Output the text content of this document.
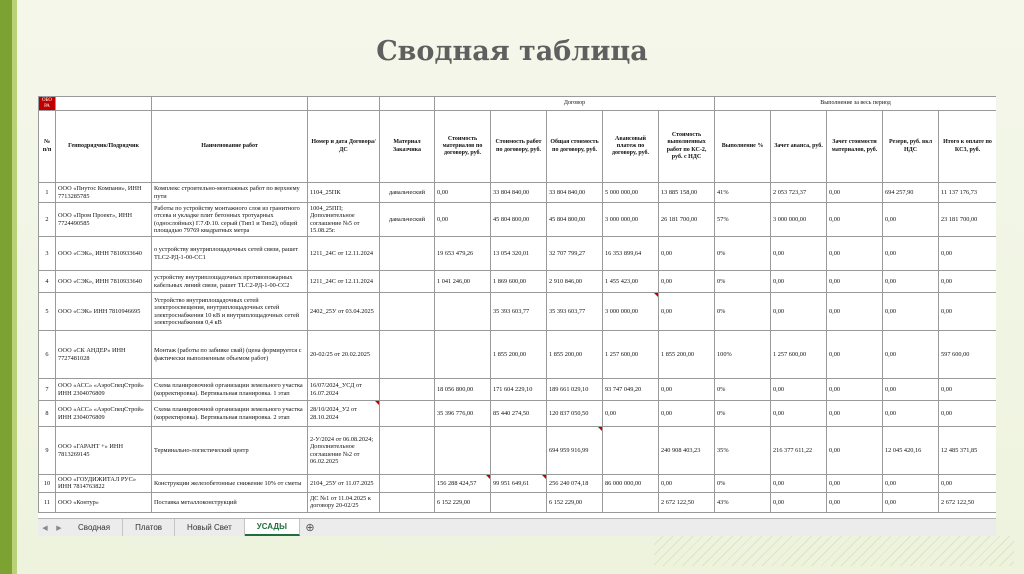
Сводная таблица
ОБО РА					Договор					Выполнение за весь период				
№ п/п	Генподрядчик/Подрядчик	Наименование работ	Номер и дата Договора/ДС	Материал Заказчика	Стоимость материалов по договору, руб.	Стоимость работ по договору, руб.	Общая стоимость по договору, руб.	Авансовый платеж по договору, руб.	Стоимость выполненных работ по КС-2, руб. с НДС	Выполнение %	Зачет аванса, руб.	Зачет стоимости материалов, руб.	Резерв, руб. вкл НДС	Итого к оплате по КС3, руб.
1	ООО «Пнутос Компани», ИНН 7713285785	Комплекс строительно-монтажных работ по верхнему пути	1104_25ПК	давальческий	0,00	33 804 840,00	33 804 840,00	5 000 000,00	13 885 158,00	41%	2 053 723,37	0,00	694 257,90	11 137 176,73
2	ООО «Пром Проект», ИНН 7724490585	Работы по устройству монтажного слоя из гранитного отсева и укладке плит бетонных тротуарных (однослойных) Г.7.Ф.10. серый (Тип1 и Тип2), общей площадью 79769 квадратных метра	1004_25ПП; Дополнительное соглашение №5 от 15.08.25г.	давальческий	0,00	45 804 800,00	45 804 800,00	3 000 000,00	26 181 700,00	57%	3 000 000,00	0,00	0,00	23 181 700,00
3	ООО «СЭК», ИНН 7810933640	о устройству внутриплощадочных сетей связи, рашет TLC2-РД-1-00-СС1	1211_24С от 12.11.2024		19 653 479,26	13 054 320,01	32 707 799,27	16 353 899,64	0,00	0%	0,00	0,00	0,00	0,00
4	ООО «СЭК», ИНН 7810933640	устройству внутриплощадочных противопожарных кабельных линий связи, рашет TLC2-РД-1-00-СС2	1211_24С от 12.11.2024		1 041 246,00	1 869 600,00	2 910 846,00	1 455 423,00	0,00	0%	0,00	0,00	0,00	0,00
5	ООО «СЭК» ИНН 7810946695	Устройство внутриплощадочных сетей электроосвещения, внутриплощадочных сетей электроснабжения 10 кВ и внутриплощадочных сетей электроснабжения 0,4 кВ	2402_25У от 03.04.2025			35 393 603,77	35 393 603,77	3 000 000,00	0,00	0%	0,00	0,00	0,00	0,00
6	ООО «СК АНДЕР» ИНН 7727481028	Монтаж (работы по забивке свай) (цена формируется с фактически выполненным объемом работ)	20-02/25 от 20.02.2025			1 855 200,00	1 855 200,00	1 257 600,00	1 855 200,00	100%	1 257 600,00	0,00	0,00	597 600,00
7	ООО «АСС» «АэроСпецСтрой» ИНН 2304076809	Схема планировочной организации земельного участка (корректировка). Вертикальная планировка. 1 этап	16/07/2024_УСД от 16.07.2024		18 056 800,00	171 604 229,10	189 661 029,10	93 747 049,20	0,00	0%	0,00	0,00	0,00	0,00
8	ООО «АСС» «АэроСпецСтрой» ИНН 2304076809	Схема планировочной организации земельного участка (корректировка). Вертикальная планировка. 2 этап	28/10/2024_У2 от 28.10.2024		35 396 776,00	85 440 274,50	120 837 050,50	0,00	0,00	0%	0,00	0,00	0,00	0,00
9	ООО «ГАРАНТ +» ИНН 7813269145	Терминально-логистический центр	2-У/2024 от 06.08.2024; Дополнительное соглашение №2 от 06.02.2025				694 959 916,99		240 908 403,23	35%	216 377 611,22	0,00	12 045 420,16	12 485 371,85
10	ООО «ГОУДИЖИТАЛ РУС» ИНН 7814763822	Конструкции железобетонные снижение 10% от сметы	2104_25У от 11.07.2025		156 288 424,57	99 951 649,61	256 240 074,18	86 000 000,00	0,00	0%	0,00	0,00	0,00	0,00
11	ООО «Контур»	Поставка металлоконструкций	ДС №1 от 11.04.2025 к договору 20-02/25		6 152 229,00		6 152 229,00		2 672 122,50	43%	0,00	0,00	0,00	2 672 122,50
◀ ▶	Сводная	Платов	Новый Свет	УСАДЫ	⊕
